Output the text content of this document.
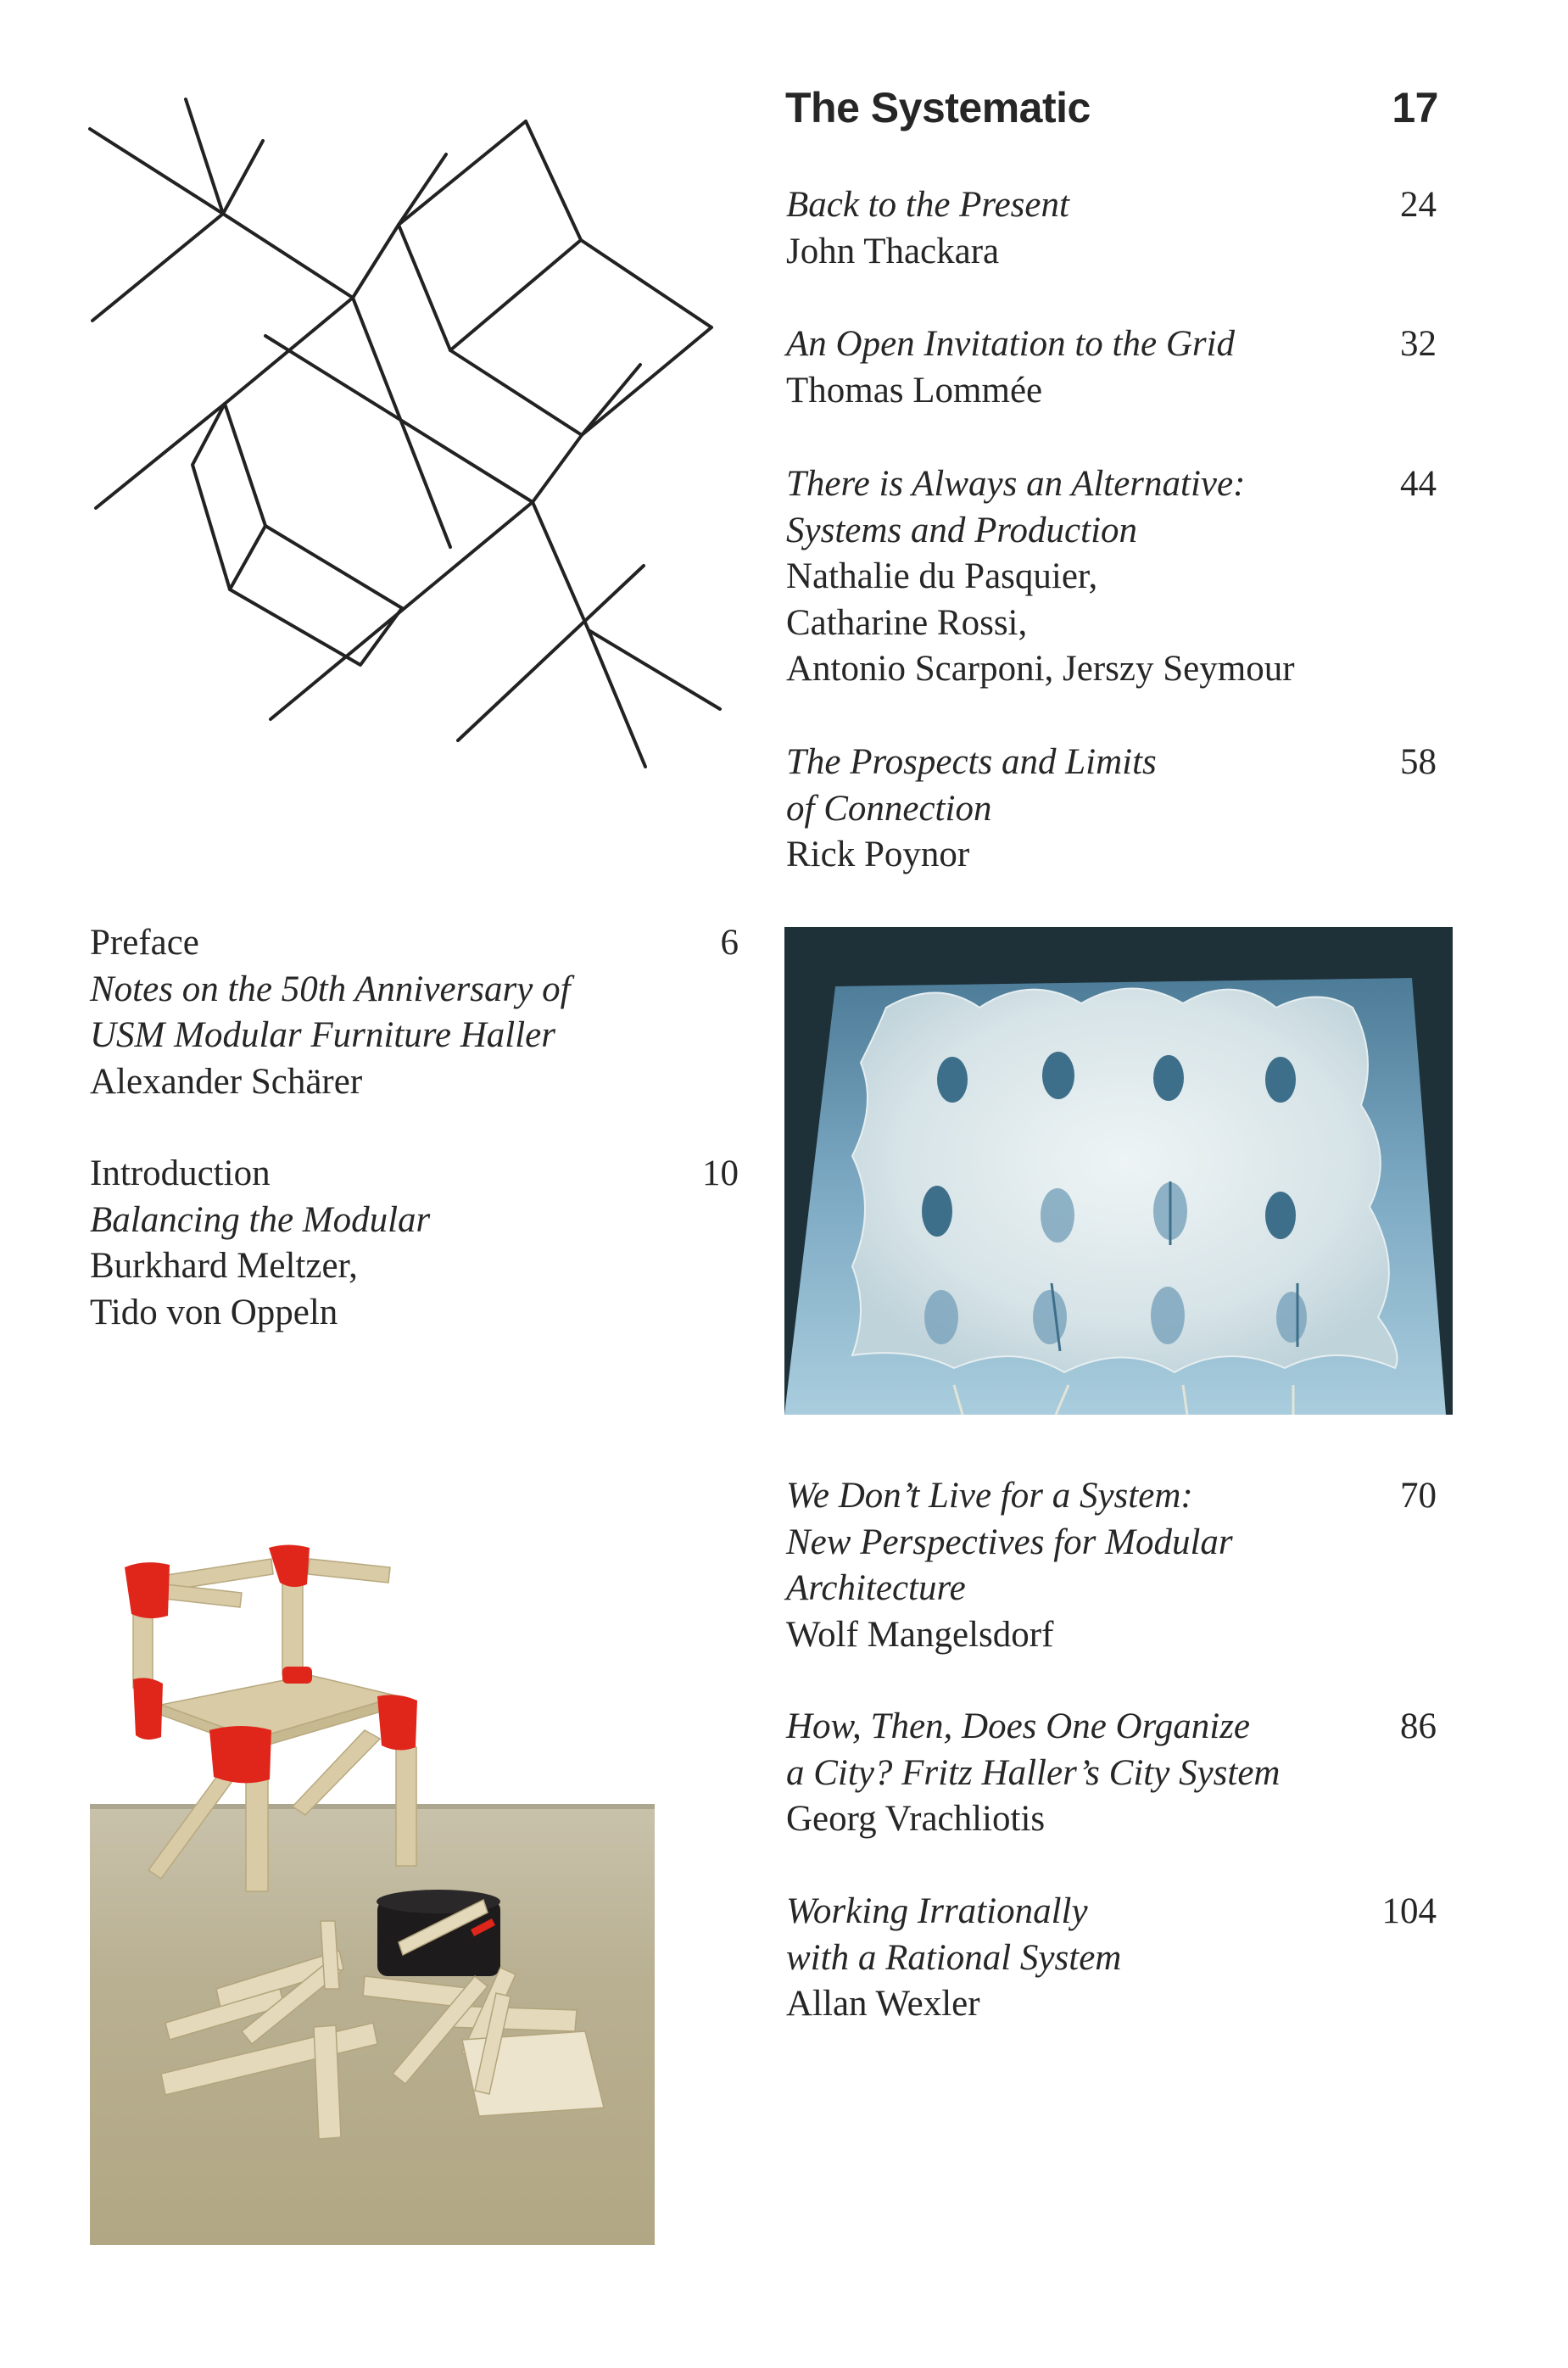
The Systematic	17
Back to the Present
John Thackara
24
An Open Invitation to the Grid
Thomas Lommée
32
There is Always an Alternative:
Systems and Production
Nathalie du Pasquier,
Catharine Rossi,
Antonio Scarponi, Jerszy Seymour
44
The Prospects and Limits
of Connection
Rick Poynor
58
Preface
Notes on the 50th Anniversary of
USM Modular Furniture Haller
Alexander Schärer
6
Introduction
Balancing the Modular
Burkhard Meltzer,
Tido von Oppeln
10
We Don’t Live for a System:
New Perspectives for Modular
Architecture
Wolf Mangelsdorf
70
How, Then, Does One Organize
a City? Fritz Haller’s City System
Georg Vrachliotis
86
Working Irrationally
with a Rational System
Allan Wexler
104
